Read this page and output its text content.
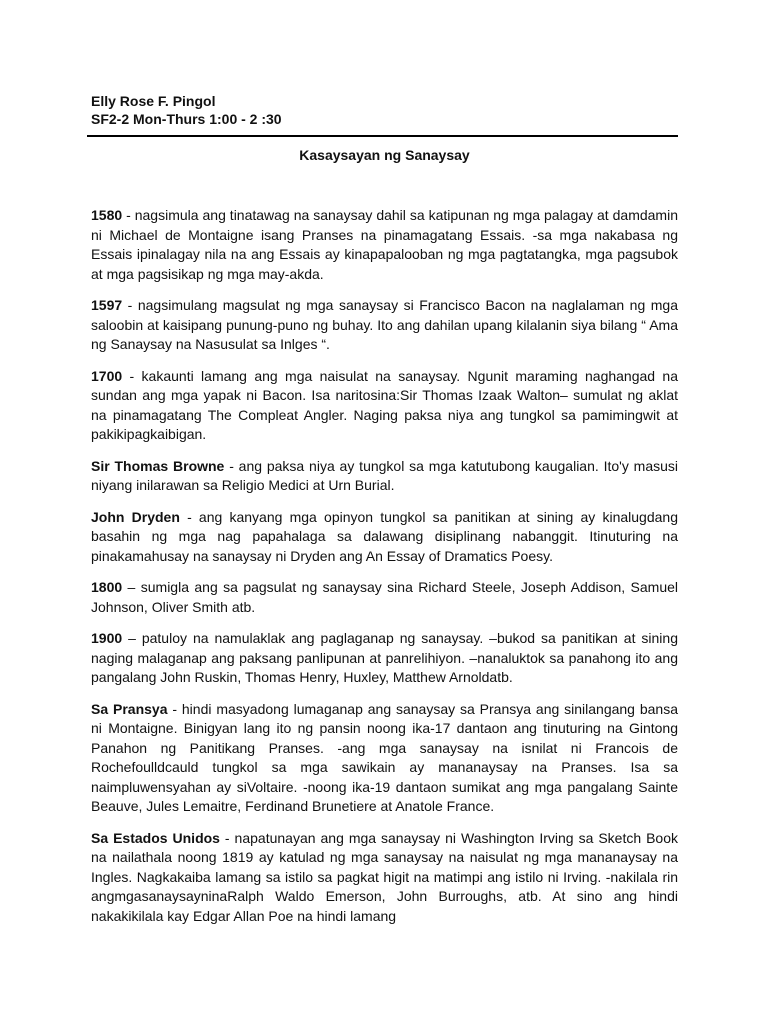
Elly Rose F. Pingol

SF2-2 Mon-Thurs 1:00 - 2 :30

Kasaysayan ng Sanaysay

1580 - nagsimula ang tinatawag na sanaysay dahil sa katipunan ng mga palagay at damdamin ni Michael de Montaigne isang Pranses na pinamagatang Essais. -sa mga nakabasa ng Essais ipinalagay nila na ang Essais ay kinapapalooban ng mga pagtatangka, mga pagsubok at mga pagsisikap ng mga may-akda.

1597 - nagsimulang magsulat ng mga sanaysay si Francisco Bacon na naglalaman ng mga saloobin at kaisipang punung-puno ng buhay. Ito ang dahilan upang kilalanin siya bilang “ Ama ng Sanaysay na Nasusulat sa Inlges “.

1700 - kakaunti lamang ang mga naisulat na sanaysay. Ngunit maraming naghangad na sundan ang mga yapak ni Bacon. Isa naritosina:Sir Thomas Izaak Walton– sumulat ng aklat na pinamagatang The Compleat Angler. Naging paksa niya ang tungkol sa pamimingwit at pakikipagkaibigan.

Sir Thomas Browne - ang paksa niya ay tungkol sa mga katutubong kaugalian. Ito'y masusi niyang inilarawan sa Religio Medici at Urn Burial.

John Dryden - ang kanyang mga opinyon tungkol sa panitikan at sining ay kinalugdang basahin ng mga nag papahalaga sa dalawang disiplinang nabanggit. Itinuturing na pinakamahusay na sanaysay ni Dryden ang An Essay of Dramatics Poesy.

1800 – sumigla ang sa pagsulat ng sanaysay sina Richard Steele, Joseph Addison, Samuel Johnson, Oliver Smith atb.

1900 – patuloy na namulaklak ang paglaganap ng sanaysay. –bukod sa panitikan at sining naging malaganap ang paksang panlipunan at panrelihiyon. –nanaluktok sa panahong ito ang pangalang John Ruskin, Thomas Henry, Huxley, Matthew Arnoldatb.

Sa Pransya - hindi masyadong lumaganap ang sanaysay sa Pransya ang sinilangang bansa ni Montaigne. Binigyan lang ito ng pansin noong ika-17 dantaon ang tinuturing na Gintong Panahon ng Panitikang Pranses. -ang mga sanaysay na isnilat ni Francois de Rochefoulldcauld tungkol sa mga sawikain ay mananaysay na Pranses. Isa sa naimpluwensyahan ay siVoltaire. -noong ika-19 dantaon sumikat ang mga pangalang Sainte Beauve, Jules Lemaitre, Ferdinand Brunetiere at Anatole France.

Sa Estados Unidos - napatunayan ang mga sanaysay ni Washington Irving sa Sketch Book na nailathala noong 1819 ay katulad ng mga sanaysay na naisulat ng mga mananaysay na Ingles. Nagkakaiba lamang sa istilo sa pagkat higit na matimpi ang istilo ni Irving. -nakilala rin angmgasanaysayninaRalph Waldo Emerson, John Burroughs, atb. At sino ang hindi nakakikilala kay Edgar Allan Poe na hindi lamang
